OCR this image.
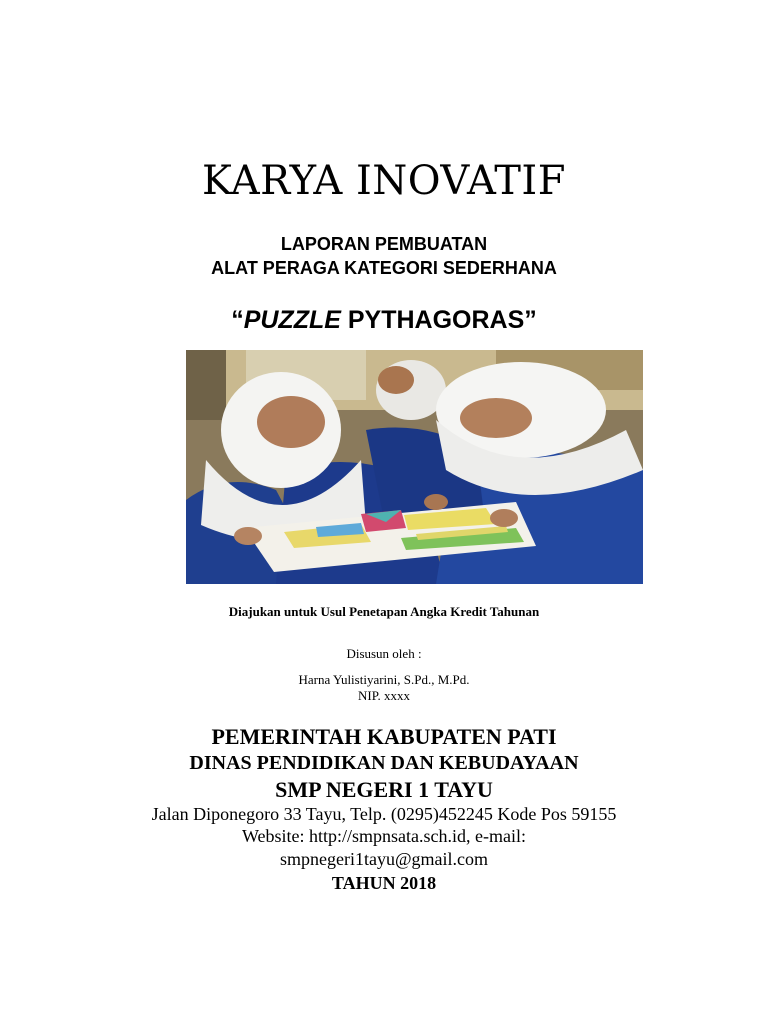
KARYA INOVATIF
LAPORAN PEMBUATAN
ALAT PERAGA KATEGORI SEDERHANA
“PUZZLE PYTHAGORAS”
Diajukan untuk Usul Penetapan Angka Kredit Tahunan
Disusun oleh :
Harna Yulistiyarini, S.Pd., M.Pd.
NIP. xxxx
PEMERINTAH KABUPATEN PATI
DINAS PENDIDIKAN DAN KEBUDAYAAN
SMP NEGERI 1 TAYU
Jalan Diponegoro 33 Tayu, Telp. (0295)452245 Kode Pos 59155
Website: http://smpnsata.sch.id, e-mail:
smpnegeri1tayu@gmail.com
TAHUN 2018
